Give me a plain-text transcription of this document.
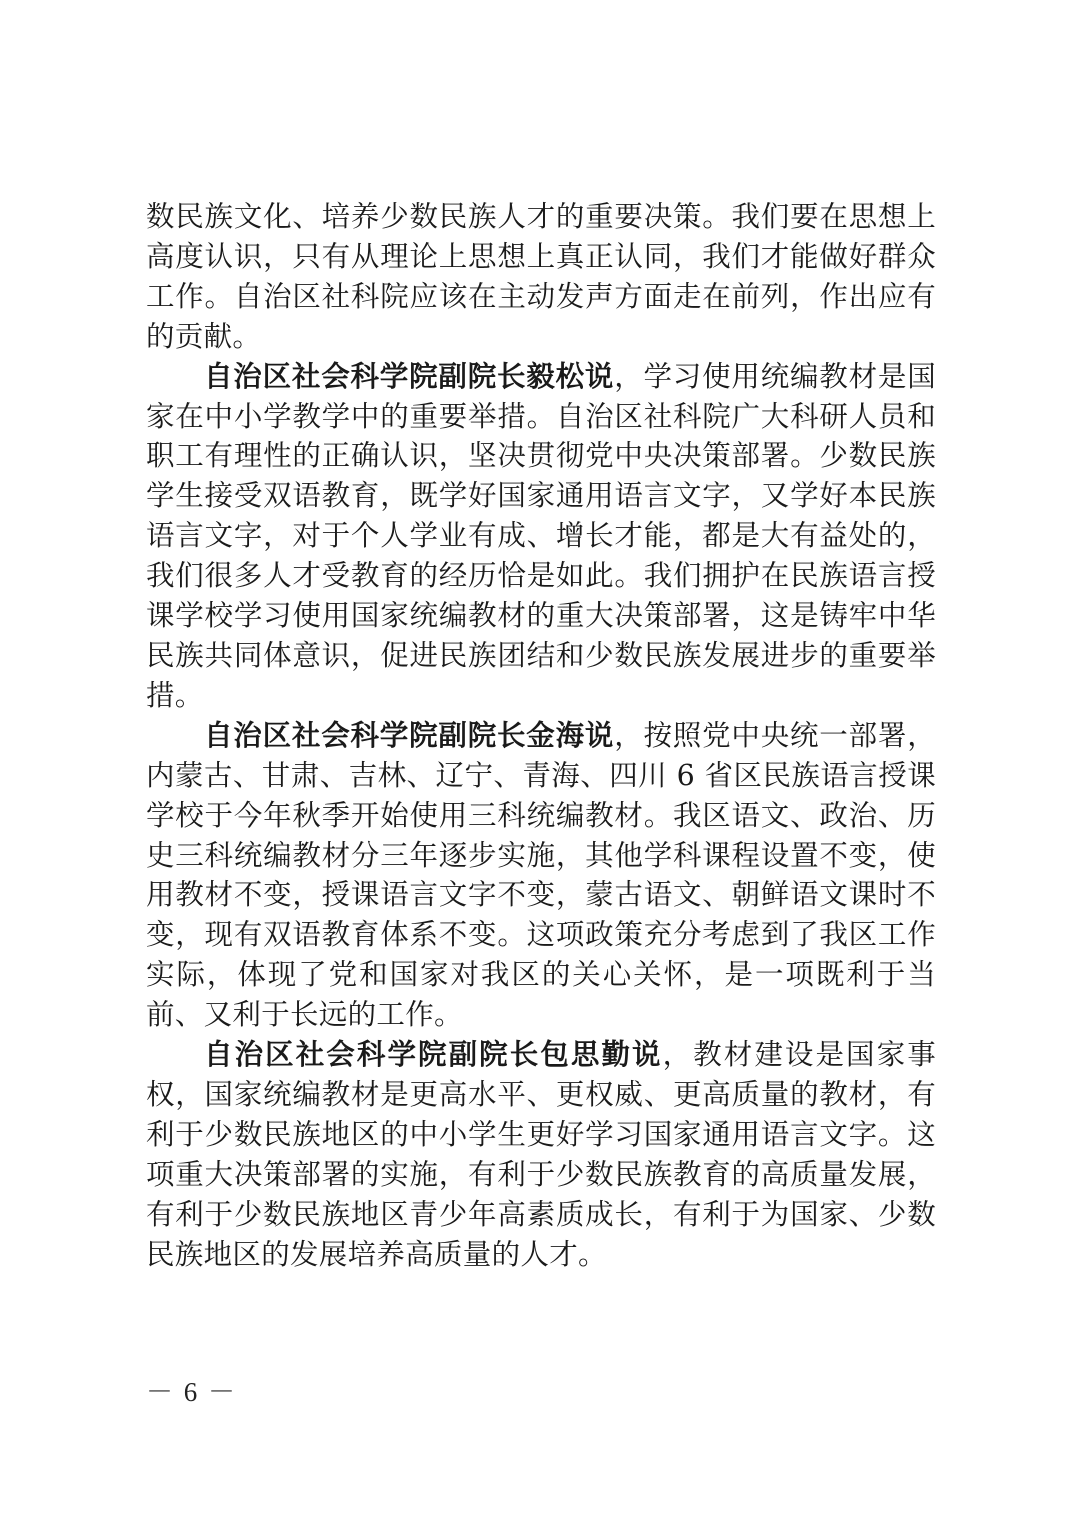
数民族文化、培养少数民族人才的重要决策。我们要在思想上高度认识，只有从理论上思想上真正认同，我们才能做好群众工作。自治区社科院应该在主动发声方面走在前列，作出应有的贡献。

自治区社会科学院副院长毅松说，学习使用统编教材是国家在中小学教学中的重要举措。自治区社科院广大科研人员和职工有理性的正确认识，坚决贯彻党中央决策部署。少数民族学生接受双语教育，既学好国家通用语言文字，又学好本民族语言文字，对于个人学业有成、增长才能，都是大有益处的，我们很多人才受教育的经历恰是如此。我们拥护在民族语言授课学校学习使用国家统编教材的重大决策部署，这是铸牢中华民族共同体意识，促进民族团结和少数民族发展进步的重要举措。

自治区社会科学院副院长金海说，按照党中央统一部署，内蒙古、甘肃、吉林、辽宁、青海、四川 6 省区民族语言授课学校于今年秋季开始使用三科统编教材。我区语文、政治、历史三科统编教材分三年逐步实施，其他学科课程设置不变，使用教材不变，授课语言文字不变，蒙古语文、朝鲜语文课时不变，现有双语教育体系不变。这项政策充分考虑到了我区工作实际，体现了党和国家对我区的关心关怀，是一项既利于当前、又利于长远的工作。

自治区社会科学院副院长包思勤说，教材建设是国家事权，国家统编教材是更高水平、更权威、更高质量的教材，有利于少数民族地区的中小学生更好学习国家通用语言文字。这项重大决策部署的实施，有利于少数民族教育的高质量发展，有利于少数民族地区青少年高素质成长，有利于为国家、少数民族地区的发展培养高质量的人才。

－ 6 －
